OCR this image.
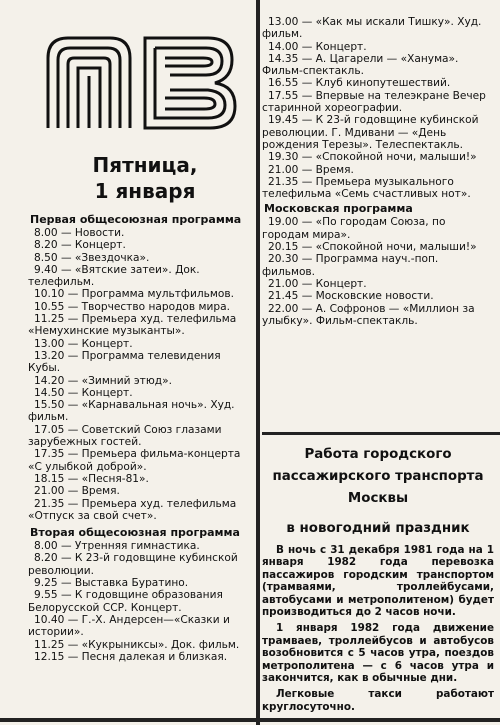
ТВ
Пятница,
1 января
Первая общесоюзная программа

8.00 — Новости.

8.20 — Концерт.

8.50 — «Звездочка».

9.40 — «Вятские затеи». Док. телефильм.

10.10 — Программа мультфильмов.

10.55 — Творчество народов мира.

11.25 — Премьера худ. телефильма «Немухинские музыканты».

13.00 — Концерт.

13.20 — Программа телевидения Кубы.

14.20 — «Зимний этюд».

14.50 — Концерт.

15.50 — «Карнавальная ночь». Худ. фильм.

17.05 — Советский Союз глазами зарубежных гостей.

17.35 — Премьера фильма-концерта «С улыбкой доброй».

18.15 — «Песня-81».

21.00 — Время.

21.35 — Премьера худ. телефильма «Отпуск за свой счет».

Вторая общесоюзная программа

8.00 — Утренняя гимнастика.

8.20 — К 23-й годовщине кубинской революции.

9.25 — Выставка Буратино.

9.55 — К годовщине образования Белорусской ССР. Концерт.

10.40 — Г.-Х. Андерсен—«Сказки и истории».

11.25 — «Кукрыниксы». Док. фильм.

12.15 — Песня далекая и близкая.

13.00 — «Как мы искали Тишку». Худ. фильм.

14.00 — Концерт.

14.35 — А. Цагарели — «Ханума». Фильм-спектакль.

16.55 — Клуб кинопутешествий.

17.55 — Впервые на телеэкране Вечер старинной хореографии.

19.45 — К 23-й годовщине кубинской революции. Г. Мдивани — «День рождения Терезы». Телеспектакль.

19.30 — «Спокойной ночи, малыши!»

21.00 — Время.

21.35 — Премьера музыкального телефильма «Семь счастливых нот».

Московская программа

19.00 — «По городам Союза, по городам мира».

20.15 — «Спокойной ночи, малыши!»

20.30 — Программа науч.-поп. фильмов.

21.00 — Концерт.

21.45 — Московские новости.

22.00 — А. Софронов — «Миллион за улыбку». Фильм-спектакль.

Работа городского
пассажирского транспорта
Москвы
в новогодний праздник

В ночь с 31 декабря 1981 года на 1 января 1982 года перевозка пассажиров городским транспортом (трамваями, троллейбусами, автобусами и метрополитеном) будет производиться до 2 часов ночи.

1 января 1982 года движение трамваев, троллейбусов и автобусов возобновится с 5 часов утра, поездов метрополитена — с 6 часов утра и закончится, как в обычные дни.

Легковые такси работают круглосуточно.
